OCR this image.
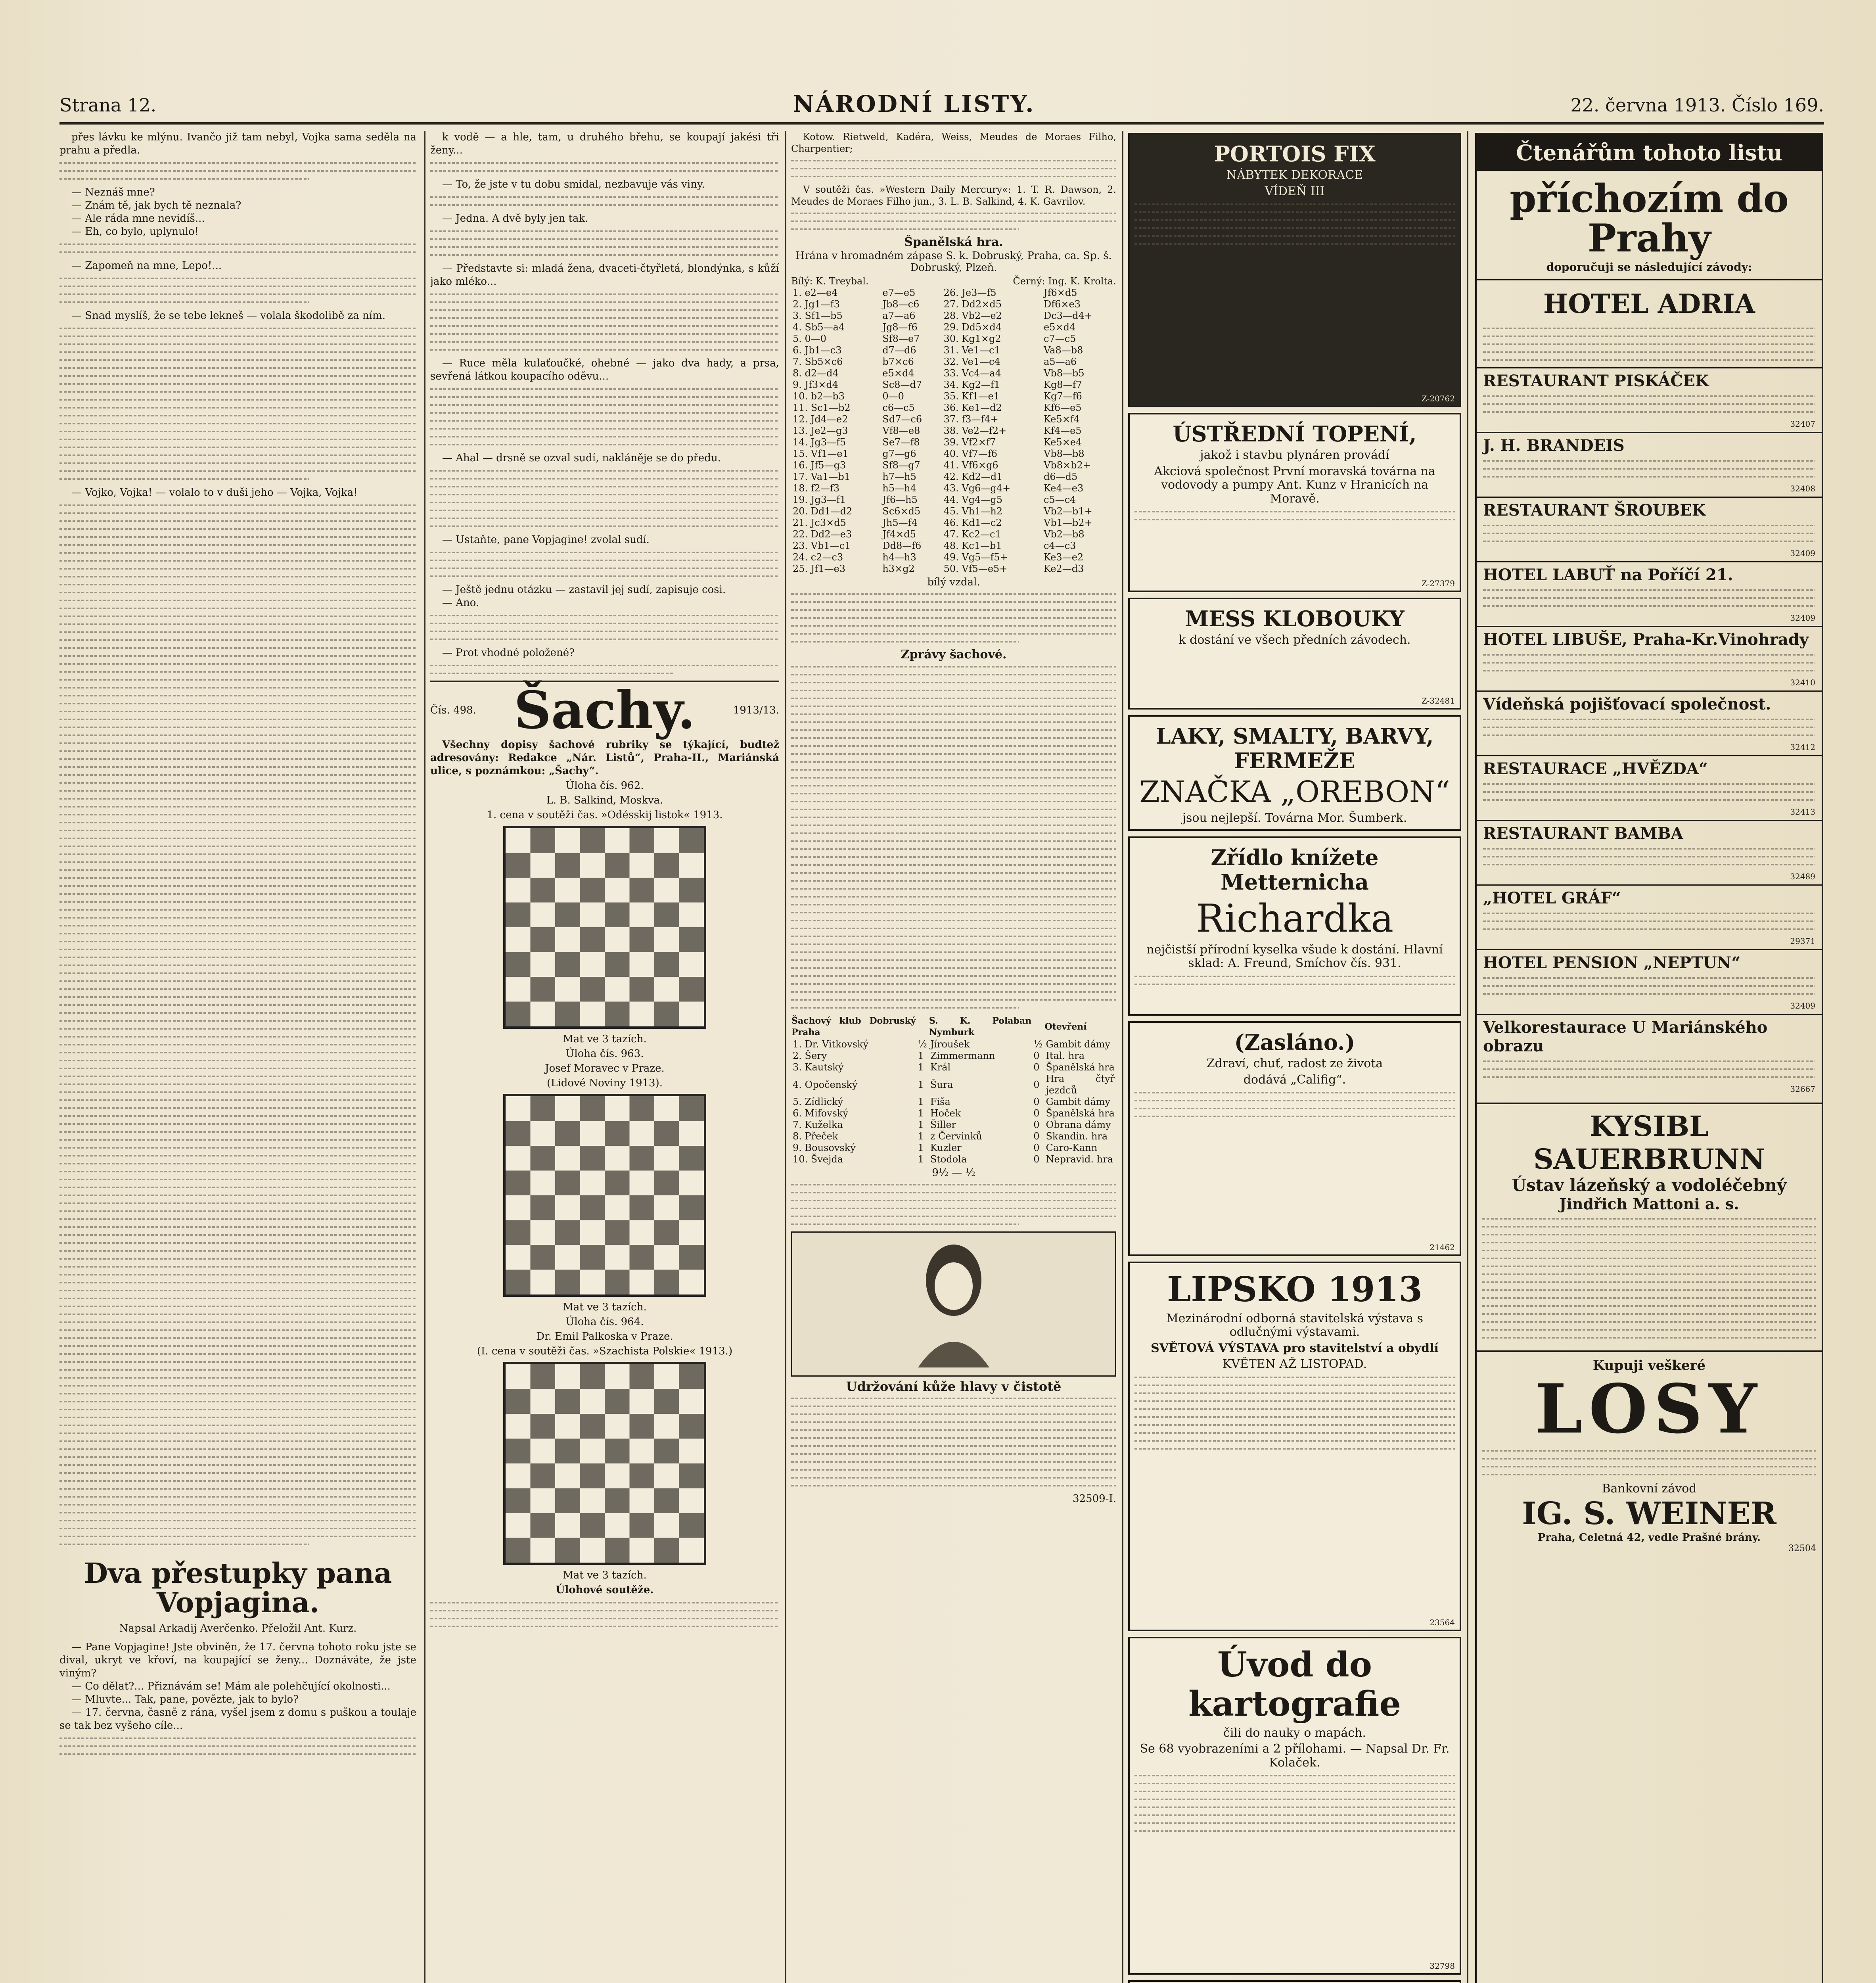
Strana 12.	NÁRODNÍ LISTY.	22. června 1913. Číslo 169.

přes lávku ke mlýnu. Ivančo již tam nebyl, Vojka sama seděla na prahu a předla.

— Neznáš mne?

— Znám tě, jak bych tě neznala?

— Ale ráda mne nevidíš...

— Eh, co bylo, uplynulo!

— Zapomeň na mne, Lepo!...

— Snad myslíš, že se tebe lekneš — volala škodolibě za ním.

— Vojko, Vojka! — volalo to v duši jeho — Vojka, Vojka!

Dva přestupky pana Vopjagina.
Napsal Arkadij Averčenko. Přeložil Ant. Kurz.

— Pane Vopjagine! Jste obviněn, že 17. června tohoto roku jste se dival, ukryt ve křoví, na koupající se ženy... Doznáváte, že jste viným?

— Co dělat?... Přiznávám se! Mám ale polehčující okolnosti...

— Mluvte... Tak, pane, povězte, jak to bylo?

— 17. června, časně z rána, vyšel jsem z domu s puškou a toulaje se tak bez vyšeho cíle...

k vodě — a hle, tam, u druhého břehu, se koupají jakési tři ženy...

— To, že jste v tu dobu smidal, nezbavuje vás viny.

— Jedna. A dvě byly jen tak.

— Představte si: mladá žena, dvaceti-čtyřletá, blondýnka, s kůží jako mléko...

— Ruce měla kulaťoučké, ohebné — jako dva hady, a prsa, sevřená látkou koupacího oděvu...

— Ahal — drsně se ozval sudí, nakláněje se do předu.

— Ustaňte, pane Vopjagine! zvolal sudí.

— Ještě jednu otázku — zastavil jej sudí, zapisuje cosi.

— Ano.

— Prot vhodné položené?

Čís. 498. Šachy.	1913/13.

Všechny dopisy šachové rubriky se týkající, budtež adresovány: Redakce „Nár. Listů“, Praha-II., Mariánská ulice, s poznámkou: „Šachy“.

Úloha čís. 962.
L. B. Salkind, Moskva.
1. cena v soutěži čas. »Odésskij listok« 1913.
Mat ve 3 tazích.
Úloha čís. 963.
Josef Moravec v Praze.
(Lidové Noviny 1913).
Mat ve 3 tazích.
Úloha čís. 964.
Dr. Emil Palkoska v Praze.
(I. cena v soutěži čas. »Szachista Polskie« 1913.)
Mat ve 3 tazích.
Úlohové soutěže.

Kotow. Rietweld, Kadéra, Weiss, Meudes de Moraes Filho, Charpentier;

V soutěži čas. »Western Daily Mercury«: 1. T. R. Dawson, 2. Meudes de Moraes Filho jun., 3. L. B. Salkind, 4. K. Gavrilov.

Španělská hra.
Hrána v hromadném zápase S. k. Dobruský, Praha, ca. Sp. š. Dobruský, Plzeň.
Bílý: K. Treybal.	Černý: Ing. K. Krolta.
1. e2—e4	e7—e5	26. Je3—f5	Jf6×d5
2. Jg1—f3	Jb8—c6	27. Dd2×d5	Df6×e3
3. Sf1—b5	a7—a6	28. Vb2—e2	Dc3—d4+
4. Sb5—a4	Jg8—f6	29. Dd5×d4	e5×d4
5. 0—0	Sf8—e7	30. Kg1×g2	c7—c5
6. Jb1—c3	d7—d6	31. Ve1—c1	Va8—b8
7. Sb5×c6	b7×c6	32. Ve1—c4	a5—a6
8. d2—d4	e5×d4	33. Vc4—a4	Vb8—b5
9. Jf3×d4	Sc8—d7	34. Kg2—f1	Kg8—f7
10. b2—b3	0—0	35. Kf1—e1	Kg7—f6
11. Sc1—b2	c6—c5	36. Ke1—d2	Kf6—e5
12. Jd4—e2	Sd7—c6	37. f3—f4+	Ke5×f4
13. Je2—g3	Vf8—e8	38. Ve2—f2+	Kf4—e5
14. Jg3—f5	Se7—f8	39. Vf2×f7	Ke5×e4
15. Vf1—e1	g7—g6	40. Vf7—f6	Vb8—b8
16. Jf5—g3	Sf8—g7	41. Vf6×g6	Vb8×b2+
17. Va1—b1	h7—h5	42. Kd2—d1	d6—d5
18. f2—f3	h5—h4	43. Vg6—g4+	Ke4—e3
19. Jg3—f1	Jf6—h5	44. Vg4—g5	c5—c4
20. Dd1—d2	Sc6×d5	45. Vh1—h2	Vb2—b1+
21. Jc3×d5	Jh5—f4	46. Kd1—c2	Vb1—b2+
22. Dd2—e3	Jf4×d5	47. Kc2—c1	Vb2—b8
23. Vb1—c1	Dd8—f6	48. Kc1—b1	c4—c3
24. c2—c3	h4—h3	49. Vg5—f5+	Ke3—e2
25. Jf1—e3	h3×g2	50. Vf5—e5+	Ke2—d3
bílý vzdal.
Zprávy šachové.
Šachový klub Dobruský Praha		S. K. Polaban Nymburk		Otevření
1. Dr. Vitkovský	½	Jíroušek	½	Gambit dámy
2. Šery	1	Zimmermann	0	Ital. hra
3. Kautský	1	Král	0	Španělská hra
4. Opočenský	1	Šura	0	Hra čtyř jezdců
5. Zídlický	1	Fiša	0	Gambit dámy
6. Mifovský	1	Hoček	0	Španělská hra
7. Kuželka	1	Šiller	0	Obrana dámy
8. Přeček	1	z Červinků	0	Skandin. hra
9. Bousovský	1	Kuzler	0	Caro-Kann
10. Švejda	1	Stodola	0	Nepravid. hra
9½ — ½
Udržování kůže hlavy v čistotě
32509-I.
PORTOIS FIX
NÁBYTEK DEKORACE
VÍDEŇ III
Z-20762
ÚSTŘEDNÍ TOPENÍ,
jakož i stavbu plynáren provádí
Akciová společnost První moravská továrna na vodovody a pumpy Ant. Kunz v Hranicích na Moravě.
Z-27379
MESS KLOBOUKY
k dostání ve všech předních závodech.
Z-32481
LAKY, SMALTY, BARVY, FERMEŽE
ZNAČKA „OREBON“
jsou nejlepší. Továrna Mor. Šumberk.
Zřídlo knížete Metternicha
Richardka
nejčistší přírodní kyselka všude k dostání. Hlavní sklad: A. Freund, Smíchov čís. 931.
(Zasláno.)
Zdraví, chuť, radost ze života
dodává „Califig“.
21462
LIPSKO 1913
Mezinárodní odborná stavitelská výstava s odlučnými výstavami.
SVĚTOVÁ VÝSTAVA pro stavitelství a obydlí
KVĚTEN AŽ LISTOPAD.
23564
Úvod do kartografie
čili do nauky o mapách.
Se 68 vyobrazeními a 2 přílohami. — Napsal Dr. Fr. Kolaček.
32798
Čtenářům tohoto listu
příchozím do Prahy
doporučuji se následující závody:
HOTEL ADRIA
RESTAURANT PISKÁČEK
32407
J. H. BRANDEIS
32408
RESTAURANT ŠROUBEK
32409
HOTEL LABUŤ na Poříčí 21.
32409
HOTEL LIBUŠE, Praha-Kr.Vinohrady
32410
Vídeňská pojišťovací společnost.
32412
RESTAURACE „HVĚZDA“
32413
RESTAURANT BAMBA
32489
„HOTEL GRÁF“
29371
HOTEL PENSION „NEPTUN“
32409
Velkorestaurace U Mariánského obrazu
32667
KYSIBL SAUERBRUNN
Ústav lázeňský a vodoléčebný
Jindřich Mattoni a. s.
Kupuji veškeré
LOSY
Bankovní závod
IG. S. WEINER
Praha, Celetná 42, vedle Prašné brány.
32504
